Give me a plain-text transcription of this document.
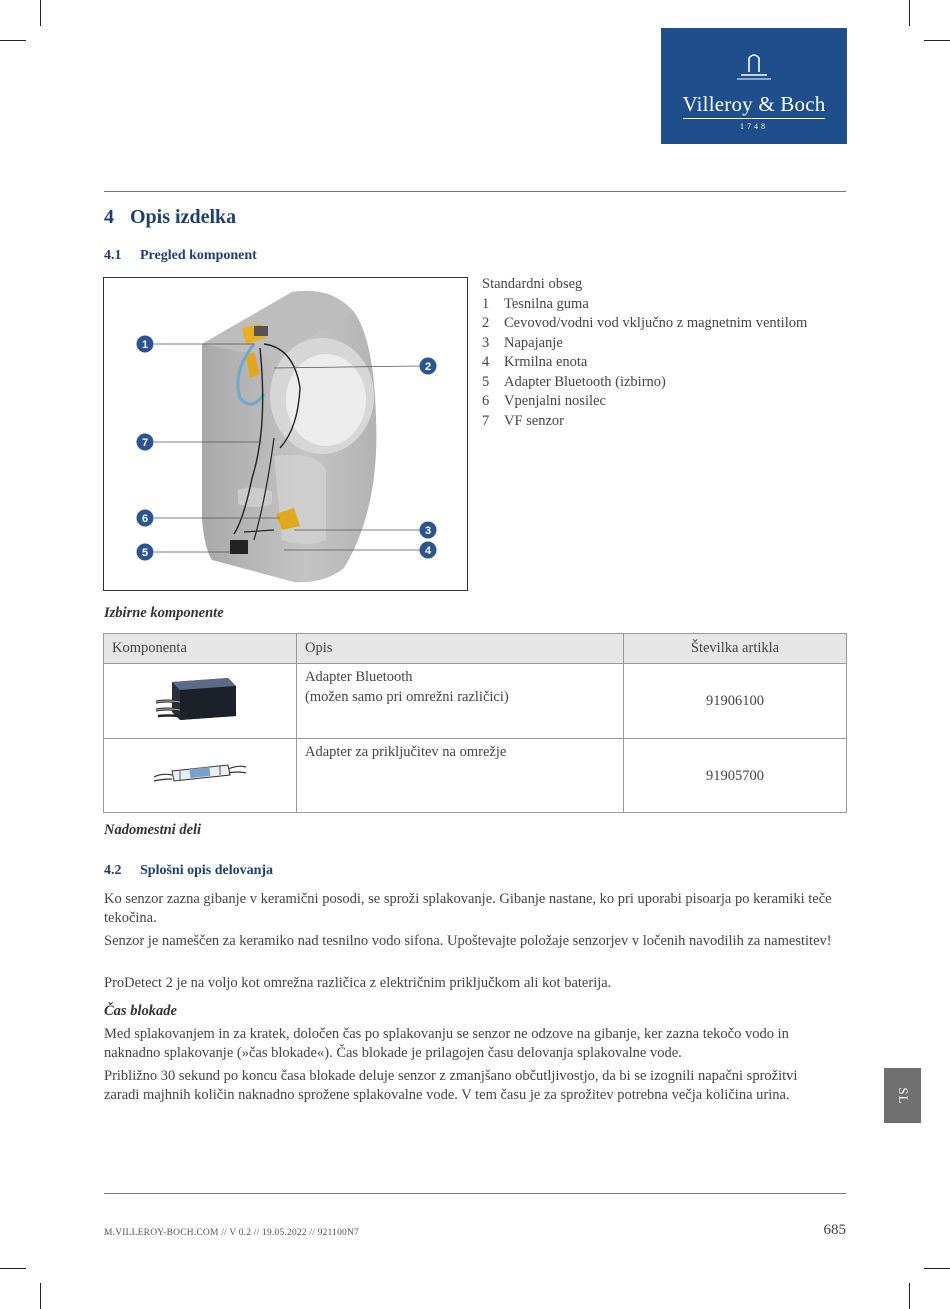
Villeroy & Boch
1748
4 Opis izdelka
4.1 Pregled komponent
1
2
7
6
3
4
5
Standardni obseg
1	Tesnilna guma
2	Cevovod/vodni vod vključno z magnetnim ventilom
3	Napajanje
4	Krmilna enota
5	Adapter Bluetooth (izbirno)
6	Vpenjalni nosilec
7	VF senzor
Izbirne komponente
Komponenta	Opis	Številka artikla

Adapter Bluetooth
(možen samo pri omrežni različici)	91906100

Adapter za priključitev na omrežje	91905700
Nadomestni deli
4.2 Splošni opis delovanja
Ko senzor zazna gibanje v keramični posodi, se sproži splakovanje. Gibanje nastane, ko pri uporabi pisoarja po keramiki teče tekočina.
Senzor je nameščen za keramiko nad tesnilno vodo sifona. Upoštevajte položaje senzorjev v ločenih navodilih za namestitev!
ProDetect 2 je na voljo kot omrežna različica z električnim priključkom ali kot baterija.
Čas blokade
Med splakovanjem in za kratek, določen čas po splakovanju se senzor ne odzove na gibanje, ker zazna tekočo vodo in naknadno splakovanje (»čas blokade«). Čas blokade je prilagojen času delovanja splakovalne vode.
Približno 30 sekund po koncu časa blokade deluje senzor z zmanjšano občutljivostjo, da bi se izognili napačni sprožitvi zaradi majhnih količin naknadno sprožene splakovalne vode. V tem času je za sprožitev potrebna večja količina urina.	SL
M.VILLEROY-BOCH.COM // V 0.2 // 19.05.2022 // 921100N7	685
